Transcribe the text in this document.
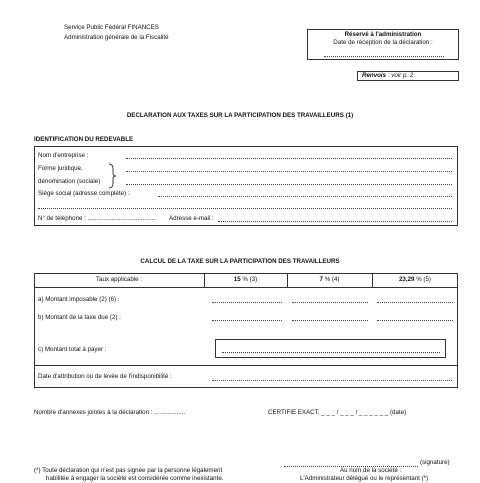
Service Public Fédéral FINANCES
Administration générale de la Fiscalité	Réservé à l'administration
Date de réception de la déclaration :
Renvois : voir p. 2
DECLARATION AUX TAXES SUR LA PARTICIPATION DES TRAVAILLEURS (1)
IDENTIFICATION DU REDEVABLE
Nom d'entreprise :
Forme juridique,
dénomination (sociale)
Siège social (adresse complète) :
N° de téléphone : ........................................ Adresse e-mail :
CALCUL DE LA TAXE SUR LA PARTICIPATION DES TRAVAILLEURS
Taux applicable :	15 % (3)	7 % (4)	23,29 % (5)
a) Montant imposable (2) (6) :
b) Montant de la taxe due (2) :
c) Montant total à payer :
Date d'attribution ou de levée de l'indisponibilité :
Nombre d'annexes jointes à la déclaration : ..................	CERTIFIE EXACT, _ _ _ / _ _ _ / _ _ _ _ _ _ (date)
(signature)
(*) Toute déclaration qui n'est pas signée par la personne légalement
habilitée à engager la société est considérée comme inexistante.
Au nom de la société :
L'Administrateur délégué ou le représentant (*)
